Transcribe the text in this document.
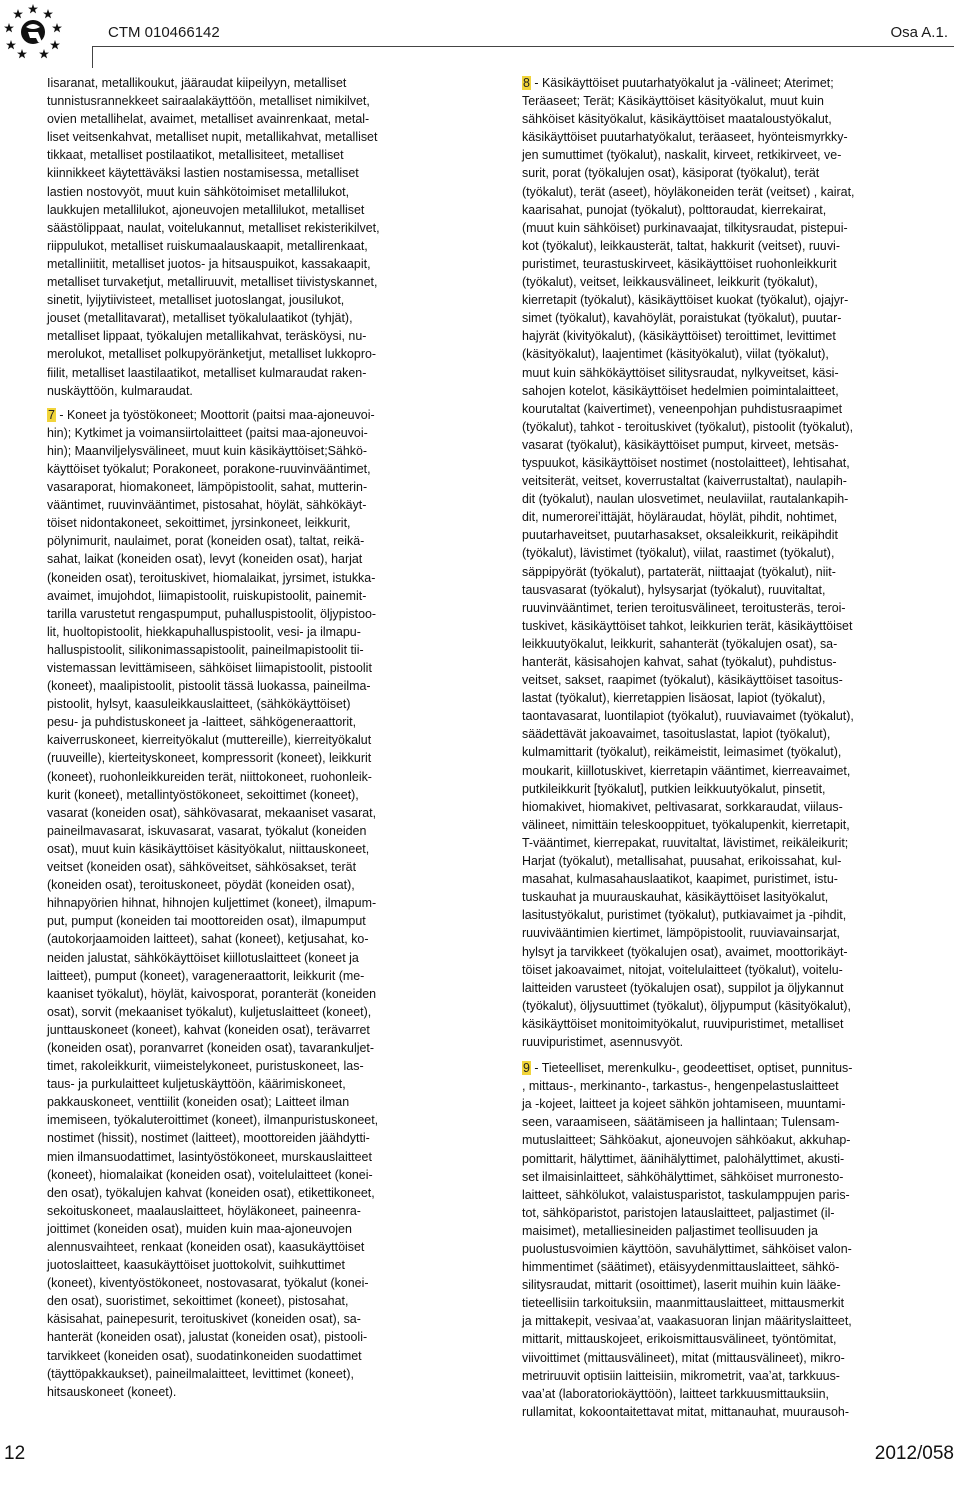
CTM 010466142	Osa A.1.

Iisaranat, metallikoukut, jääraudat kiipeilyyn, metalliset
tunnistusrannekkeet sairaalakäyttöön, metalliset nimikilvet,
ovien metallihelat, avaimet, metalliset avainrenkaat, metal-
liset veitsenkahvat, metalliset nupit, metallikahvat, metalliset
tikkaat, metalliset postilaatikot, metallisiteet, metalliset
kiinnikkeet käytettäväksi lastien nostamisessa, metalliset
lastien nostovyöt, muut kuin sähkötoimiset metallilukot,
laukkujen metallilukot, ajoneuvojen metallilukot, metalliset
säästölippaat, naulat, voitelukannut, metalliset rekisterikilvet,
riippulukot, metalliset ruiskumaalauskaapit, metallirenkaat,
metalliniitit, metalliset juotos- ja hitsauspuikot, kassakaapit,
metalliset turvaketjut, metalliruuvit, metalliset tiivistyskannet,
sinetit, lyijytiivisteet, metalliset juotoslangat, jousilukot,
jouset (metallitavarat), metalliset työkalulaatikot (tyhjät),
metalliset lippaat, työkalujen metallikahvat, teräsköysi, nu-
merolukot, metalliset polkupyöränketjut, metalliset lukkopro-
fiilit, metalliset laastilaatikot, metalliset kulmaraudat raken-
nuskäyttöön, kulmaraudat.

7 - Koneet ja työstökoneet; Moottorit (paitsi maa-ajoneuvoi-
hin); Kytkimet ja voimansiirtolaitteet (paitsi maa-ajoneuvoi-
hin); Maanviljelysvälineet, muut kuin käsikäyttöiset;Sähkö-
käyttöiset työkalut; Porakoneet, porakone-ruuvinvääntimet,
vasaraporat, hiomakoneet, lämpöpistoolit, sahat, mutterin-
vääntimet, ruuvinvääntimet, pistosahat, höylät, sähkökäyt-
töiset nidontakoneet, sekoittimet, jyrsinkoneet, leikkurit,
pölynimurit, naulaimet, porat (koneiden osat), taltat, reikä-
sahat, laikat (koneiden osat), levyt (koneiden osat), harjat
(koneiden osat), teroituskivet, hiomalaikat, jyrsimet, istukka-
avaimet, imujohdot, liimapistoolit, ruiskupistoolit, painemit-
tarilla varustetut rengaspumput, puhalluspistoolit, öljypistoo-
lit, huoltopistoolit, hiekkapuhalluspistoolit, vesi- ja ilmapu-
halluspistoolit, silikonimassapistoolit, paineilmapistoolit tii-
vistemassan levittämiseen, sähköiset liimapistoolit, pistoolit
(koneet), maalipistoolit, pistoolit tässä luokassa, paineilma-
pistoolit, hylsyt, kaasuleikkauslaitteet, (sähkökäyttöiset)
pesu- ja puhdistuskoneet ja -laitteet, sähkögeneraattorit,
kaiverruskoneet, kierreityökalut (muttereille), kierreityökalut
(ruuveille), kierteityskoneet, kompressorit (koneet), leikkurit
(koneet), ruohonleikkureiden terät, niittokoneet, ruohonleik-
kurit (koneet), metallintyöstökoneet, sekoittimet (koneet),
vasarat (koneiden osat), sähkövasarat, mekaaniset vasarat,
paineilmavasarat, iskuvasarat, vasarat, työkalut (koneiden
osat), muut kuin käsikäyttöiset käsityökalut, niittauskoneet,
veitset (koneiden osat), sähköveitset, sähkösakset, terät
(koneiden osat), teroituskoneet, pöydät (koneiden osat),
hihnapyörien hihnat, hihnojen kuljettimet (koneet), ilmapum-
put, pumput (koneiden tai moottoreiden osat), ilmapumput
(autokorjaamoiden laitteet), sahat (koneet), ketjusahat, ko-
neiden jalustat, sähkökäyttöiset kiillotuslaitteet (koneet ja
laitteet), pumput (koneet), varageneraattorit, leikkurit (me-
kaaniset työkalut), höylät, kaivosporat, poranterät (koneiden
osat), sorvit (mekaaniset työkalut), kuljetuslaitteet (koneet),
junttauskoneet (koneet), kahvat (koneiden osat), terävarret
(koneiden osat), poranvarret (koneiden osat), tavarankuljet-
timet, rakoleikkurit, viimeistelykoneet, puristuskoneet, las-
taus- ja purkulaitteet kuljetuskäyttöön, käärimiskoneet,
pakkauskoneet, venttiilit (koneiden osat); Laitteet ilman
imemiseen, työkaluteroittimet (koneet), ilmanpuristuskoneet,
nostimet (hissit), nostimet (laitteet), moottoreiden jäähdytti-
mien ilmansuodattimet, lasintyöstökoneet, murskauslaitteet
(koneet), hiomalaikat (koneiden osat), voitelulaitteet (konei-
den osat), työkalujen kahvat (koneiden osat), etikettikoneet,
sekoituskoneet, maalauslaitteet, höyläkoneet, paineenra-
joittimet (koneiden osat), muiden kuin maa-ajoneuvojen
alennusvaihteet, renkaat (koneiden osat), kaasukäyttöiset
juotoslaitteet, kaasukäyttöiset juottokolvit, suihkuttimet
(koneet), kiventyöstökoneet, nostovasarat, työkalut (konei-
den osat), suoristimet, sekoittimet (koneet), pistosahat,
käsisahat, painepesurit, teroituskivet (koneiden osat), sa-
hanterät (koneiden osat), jalustat (koneiden osat), pistooli-
tarvikkeet (koneiden osat), suodatinkoneiden suodattimet
(täyttöpakkaukset), paineilmalaitteet, levittimet (koneet),
hitsauskoneet (koneet).

8 - Käsikäyttöiset puutarhatyökalut ja -välineet; Aterimet;
Teräaseet; Terät; Käsikäyttöiset käsityökalut, muut kuin
sähköiset käsityökalut, käsikäyttöiset maataloustyökalut,
käsikäyttöiset puutarhatyökalut, teräaseet, hyönteismyrkky-
jen sumuttimet (työkalut), naskalit, kirveet, retkikirveet, ve-
surit, porat (työkalujen osat), käsiporat (työkalut), terät
(työkalut), terät (aseet), höyläkoneiden terät (veitset) , kairat,
kaarisahat, punojat (työkalut), polttoraudat, kierrekairat,
(muut kuin sähköiset) purkinavaajat, tilkitysraudat, pistepui-
kot (työkalut), leikkausterät, taltat, hakkurit (veitset), ruuvi-
puristimet, teurastuskirveet, käsikäyttöiset ruohonleikkurit
(työkalut), veitset, leikkausvälineet, leikkurit (työkalut),
kierretapit (työkalut), käsikäyttöiset kuokat (työkalut), ojajyr-
simet (työkalut), kavahöylät, poraistukat (työkalut), puutar-
hajyrät (kivityökalut), (käsikäyttöiset) teroittimet, levittimet
(käsityökalut), laajentimet (käsityökalut), viilat (työkalut),
muut kuin sähkökäyttöiset silitysraudat, nylkyveitset, käsi-
sahojen kotelot, käsikäyttöiset hedelmien poimintalaitteet,
kourutaltat (kaivertimet), veneenpohjan puhdistusraapimet
(työkalut), tahkot - teroituskivet (työkalut), pistoolit (työkalut),
vasarat (työkalut), käsikäyttöiset pumput, kirveet, metsäs-
tyspuukot, käsikäyttöiset nostimet (nostolaitteet), lehtisahat,
veitsiterät, veitset, koverrustaltat (kaiverrustaltat), naulapih-
dit (työkalut), naulan ulosvetimet, neulaviilat, rautalankapih-
dit, numeroreiʼittäjät, höyläraudat, höylät, pihdit, nohtimet,
puutarhaveitset, puutarhasakset, oksaleikkurit, reikäpihdit
(työkalut), lävistimet (työkalut), viilat, raastimet (työkalut),
säppipyörät (työkalut), partaterät, niittaajat (työkalut), niit-
tausvasarat (työkalut), hylsysarjat (työkalut), ruuvitaltat,
ruuvinvääntimet, terien teroitusvälineet, teroitusteräs, teroi-
tuskivet, käsikäyttöiset tahkot, leikkurien terät, käsikäyttöiset
leikkuutyökalut, leikkurit, sahanterät (työkalujen osat), sa-
hanterät, käsisahojen kahvat, sahat (työkalut), puhdistus-
veitset, sakset, raapimet (työkalut), käsikäyttöiset tasoitus-
lastat (työkalut), kierretappien lisäosat, lapiot (työkalut),
taontavasarat, luontilapiot (työkalut), ruuviavaimet (työkalut),
säädettävät jakoavaimet, tasoituslastat, lapiot (työkalut),
kulmamittarit (työkalut), reikämeistit, leimasimet (työkalut),
moukarit, kiillotuskivet, kierretapin vääntimet, kierreavaimet,
putkileikkurit [työkalut], putkien leikkuutyökalut, pinsetit,
hiomakivet, hiomakivet, peltivasarat, sorkkaraudat, viilaus-
välineet, nimittäin teleskooppituet, työkalupenkit, kierretapit,
T-vääntimet, kierrepakat, ruuvitaltat, lävistimet, reikäleikurit;
Harjat (työkalut), metallisahat, puusahat, erikoissahat, kul-
masahat, kulmasahauslaatikot, kaapimet, puristimet, istu-
tuskauhat ja muurauskauhat, käsikäyttöiset lasityökalut,
lasitustyökalut, puristimet (työkalut), putkiavaimet ja -pihdit,
ruuvivääntimien kiertimet, lämpöpistoolit, ruuviavainsarjat,
hylsyt ja tarvikkeet (työkalujen osat), avaimet, moottorikäyt-
töiset jakoavaimet, nitojat, voitelulaitteet (työkalut), voitelu-
laitteiden varusteet (työkalujen osat), suppilot ja öljykannut
(työkalut), öljysuuttimet (työkalut), öljypumput (käsityökalut),
käsikäyttöiset monitoimityökalut, ruuvipuristimet, metalliset
ruuvipuristimet, asennusvyöt.

9 - Tieteelliset, merenkulku-, geodeettiset, optiset, punnitus-
, mittaus-, merkinanto-, tarkastus-, hengenpelastuslaitteet
ja -kojeet, laitteet ja kojeet sähkön johtamiseen, muuntami-
seen, varaamiseen, säätämiseen ja hallintaan; Tulensam-
mutuslaitteet; Sähköakut, ajoneuvojen sähköakut, akkuhap-
pomittarit, hälyttimet, äänihälyttimet, palohälyttimet, akusti-
set ilmaisinlaitteet, sähköhälyttimet, sähköiset murronesto-
laitteet, sähkölukot, valaistusparistot, taskulamppujen paris-
tot, sähköparistot, paristojen latauslaitteet, paljastimet (il-
maisimet), metalliesineiden paljastimet teollisuuden ja
puolustusvoimien käyttöön, savuhälyttimet, sähköiset valon-
himmentimet (säätimet), etäisyydenmittauslaitteet, sähkö-
silitysraudat, mittarit (osoittimet), laserit muihin kuin lääke-
tieteellisiin tarkoituksiin, maanmittauslaitteet, mittausmerkit
ja mittakepit, vesivaaʼat, vaakasuoran linjan määrityslaitteet,
mittarit, mittauskojeet, erikoismittausvälineet, työntömitat,
viivoittimet (mittausvälineet), mitat (mittausvälineet), mikro-
metriruuvit optisiin laitteisiin, mikrometrit, vaaʼat, tarkkuus-
vaaʼat (laboratoriokäyttöön), laitteet tarkkuusmittauksiin,
rullamitat, kokoontaitettavat mitat, mittanauhat, muurausoh-

12	2012/058
